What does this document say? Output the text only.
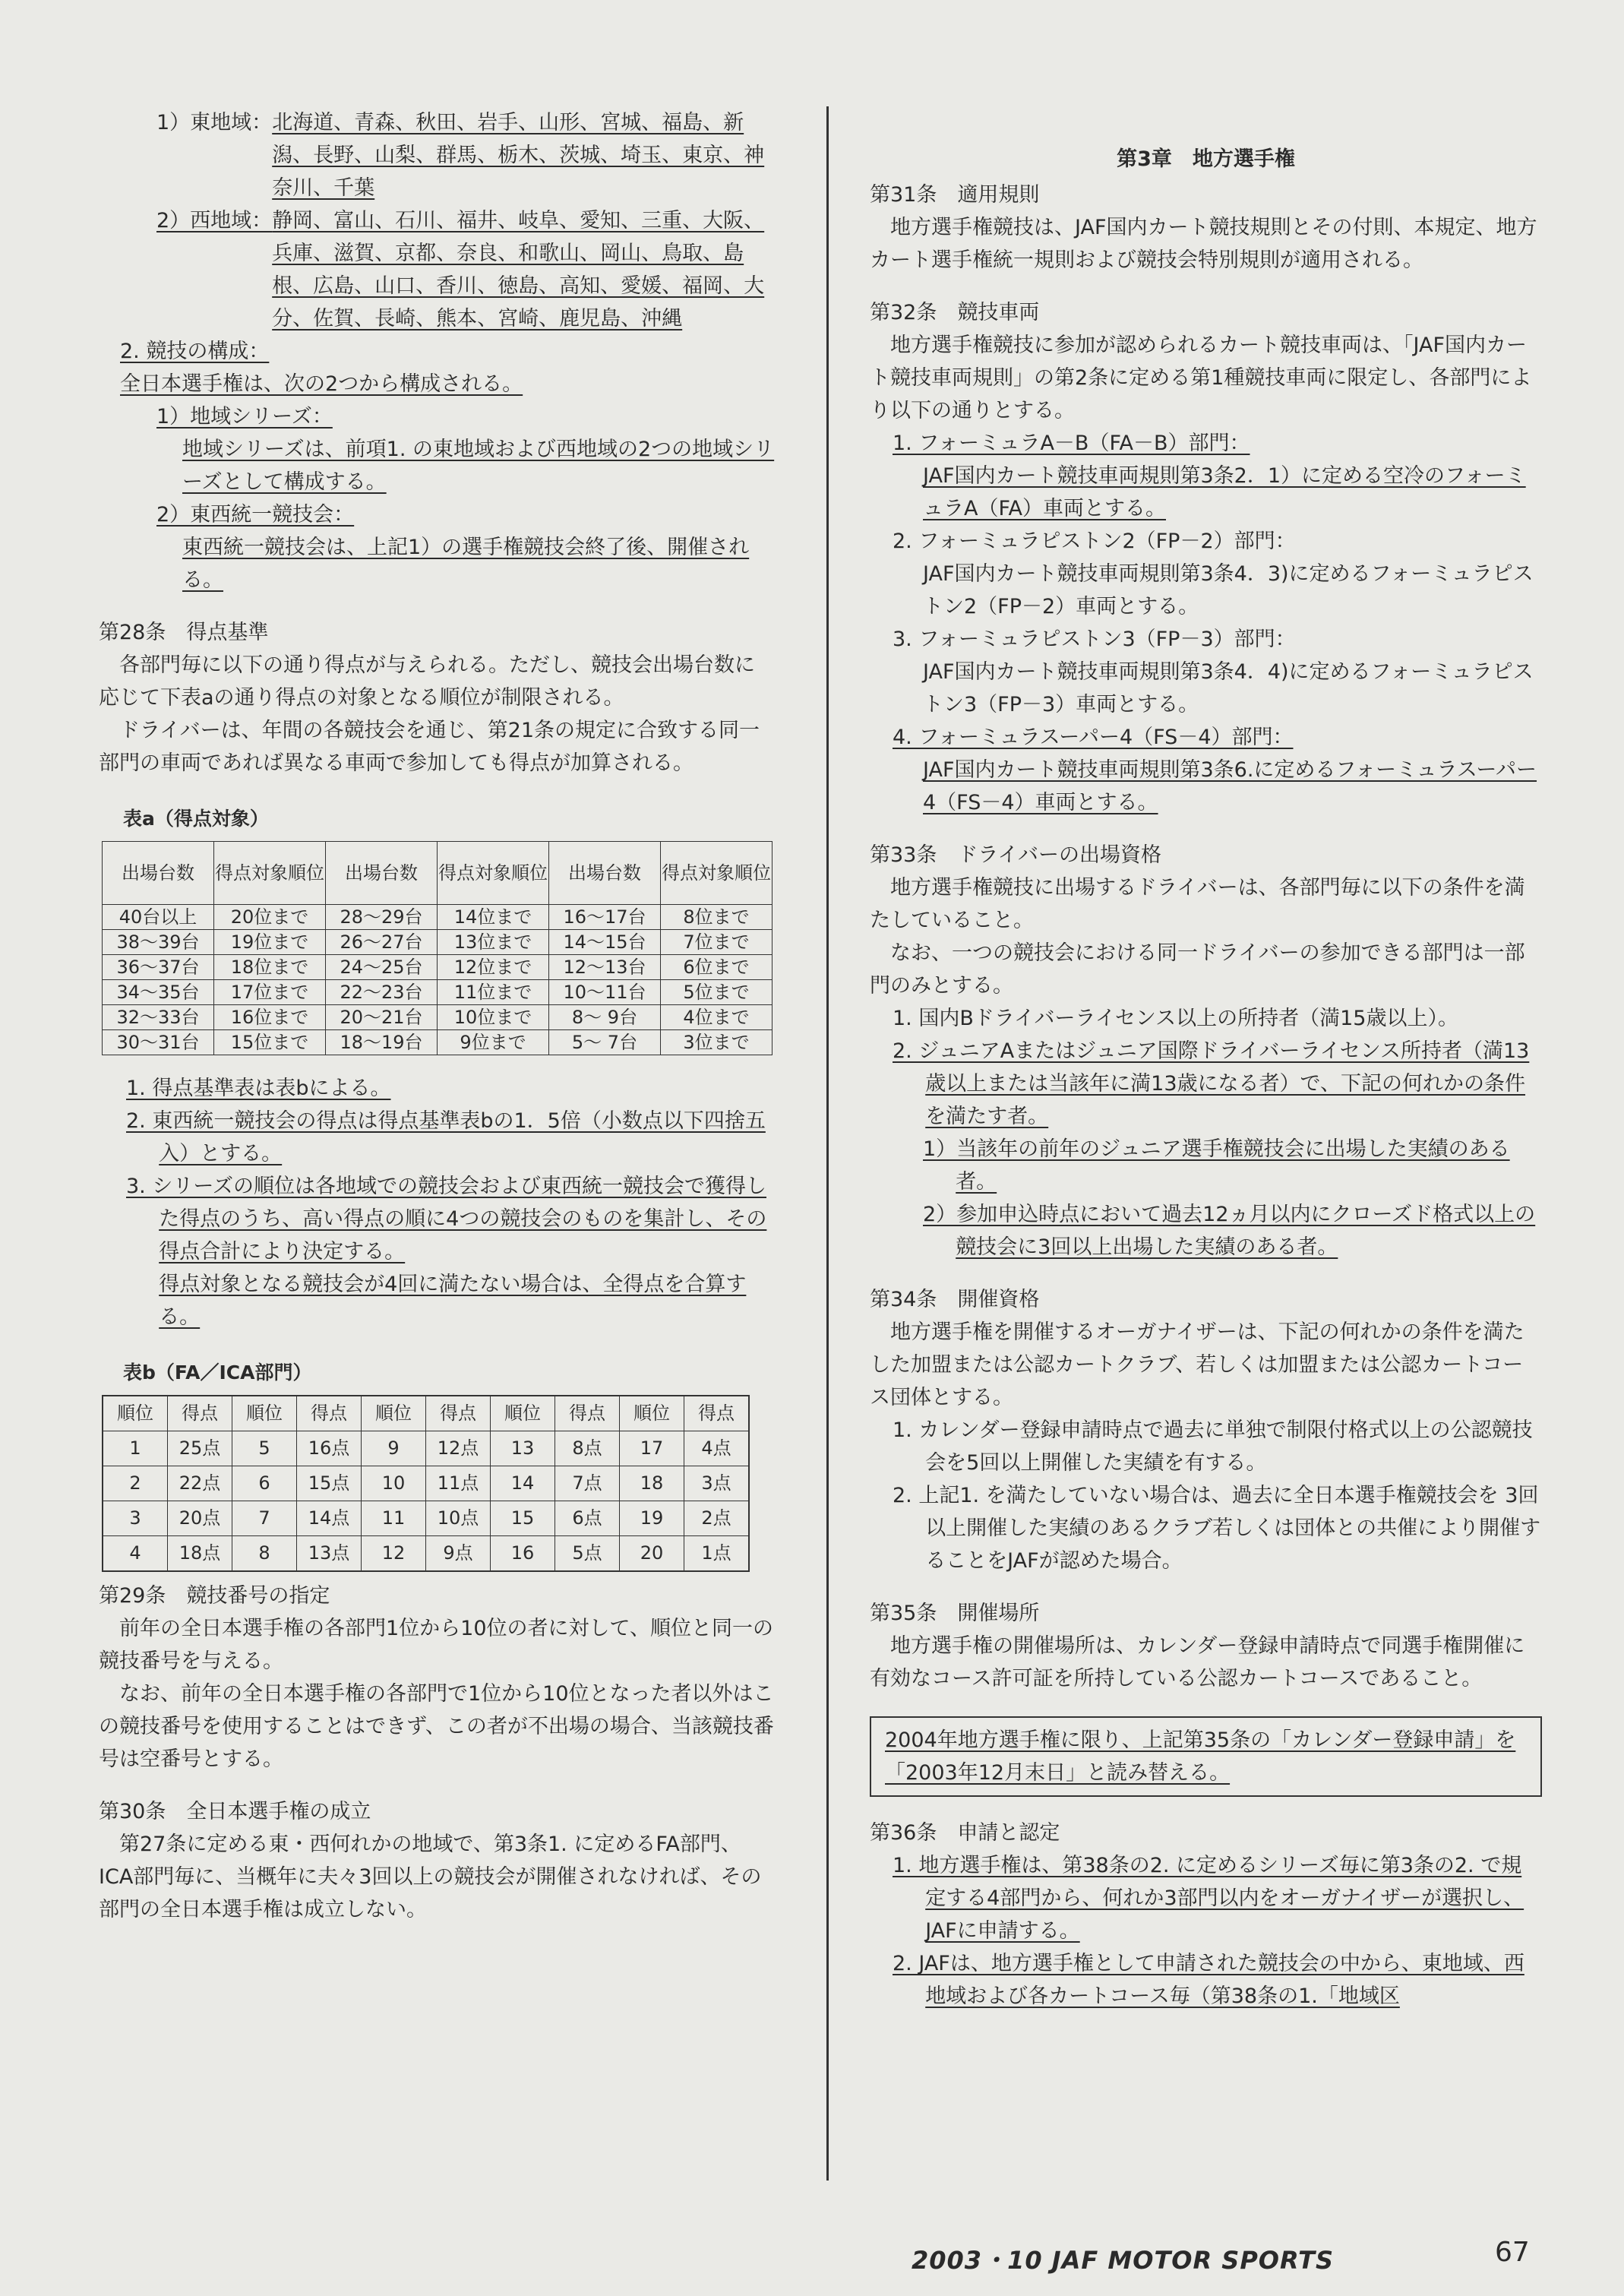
1）東地域： 北海道、青森、秋田、岩手、山形、宮城、福島、新潟、長野、山梨、群馬、栃木、茨城、埼玉、東京、神奈川、千葉
2）西地域： 静岡、富山、石川、福井、岐阜、愛知、三重、大阪、兵庫、滋賀、京都、奈良、和歌山、岡山、鳥取、島根、広島、山口、香川、徳島、高知、愛媛、福岡、大分、佐賀、長崎、熊本、宮崎、鹿児島、沖縄

2. 競技の構成：

全日本選手権は、次の2つから構成される。

1）地域シリーズ：

地域シリーズは、前項1. の東地域および西地域の2つの地域シリーズとして構成する。

2）東西統一競技会：

東西統一競技会は、上記1）の選手権競技会終了後、開催される。

第28条　得点基準

各部門毎に以下の通り得点が与えられる。ただし、競技会出場台数に応じて下表aの通り得点の対象となる順位が制限される。

ドライバーは、年間の各競技会を通じ、第21条の規定に合致する同一部門の車両であれば異なる車両で参加しても得点が加算される。

表a（得点対象）

出場台数	得点対象順位	出場台数	得点対象順位	出場台数	得点対象順位
40台以上	20位まで	28～29台	14位まで	16～17台	8位まで
38～39台	19位まで	26～27台	13位まで	14～15台	7位まで
36～37台	18位まで	24～25台	12位まで	12～13台	6位まで
34～35台	17位まで	22～23台	11位まで	10～11台	5位まで
32～33台	16位まで	20～21台	10位まで	8～ 9台	4位まで
30～31台	15位まで	18～19台	9位まで	5～ 7台	3位まで

1. 得点基準表は表bによる。

2. 東西統一競技会の得点は得点基準表bの1．5倍（小数点以下四捨五入）とする。

3. シリーズの順位は各地域での競技会および東西統一競技会で獲得した得点のうち、高い得点の順に4つの競技会のものを集計し、その得点合計により決定する。

得点対象となる競技会が4回に満たない場合は、全得点を合算する。

表b（FA／ICA部門）

順位	得点	順位	得点	順位	得点	順位	得点	順位	得点
1	25点	5	16点	9	12点	13	8点	17	4点
2	22点	6	15点	10	11点	14	7点	18	3点
3	20点	7	14点	11	10点	15	6点	19	2点
4	18点	8	13点	12	9点	16	5点	20	1点

第29条　競技番号の指定

前年の全日本選手権の各部門1位から10位の者に対して、順位と同一の競技番号を与える。

なお、前年の全日本選手権の各部門で1位から10位となった者以外はこの競技番号を使用することはできず、この者が不出場の場合、当該競技番号は空番号とする。

第30条　全日本選手権の成立

第27条に定める東・西何れかの地域で、第3条1. に定めるFA部門、ICA部門毎に、当概年に夫々3回以上の競技会が開催されなければ、その部門の全日本選手権は成立しない。

第3章　地方選手権

第31条　適用規則

地方選手権競技は、JAF国内カート競技規則とその付則、本規定、地方カート選手権統一規則および競技会特別規則が適用される。

第32条　競技車両

地方選手権競技に参加が認められるカート競技車両は、「JAF国内カート競技車両規則」の第2条に定める第1種競技車両に限定し、各部門により以下の通りとする。

1. フォーミュラA－B（FA－B）部門：

JAF国内カート競技車両規則第3条2．1）に定める空冷のフォーミュラA（FA）車両とする。

2. フォーミュラピストン2（FP－2）部門：

JAF国内カート競技車両規則第3条4．3)に定めるフォーミュラピストン2（FP－2）車両とする。

3. フォーミュラピストン3（FP－3）部門：

JAF国内カート競技車両規則第3条4．4)に定めるフォーミュラピストン3（FP－3）車両とする。

4. フォーミュラスーパー4（FS－4）部門：

JAF国内カート競技車両規則第3条6.に定めるフォーミュラスーパー4（FS－4）車両とする。

第33条　ドライバーの出場資格

地方選手権競技に出場するドライバーは、各部門毎に以下の条件を満たしていること。

なお、一つの競技会における同一ドライバーの参加できる部門は一部門のみとする。

1. 国内Bドライバーライセンス以上の所持者（満15歳以上）。

2. ジュニアAまたはジュニア国際ドライバーライセンス所持者（満13歳以上または当該年に満13歳になる者）で、下記の何れかの条件を満たす者。

1）当該年の前年のジュニア選手権競技会に出場した実績のある者。

2）参加申込時点において過去12ヵ月以内にクローズド格式以上の競技会に3回以上出場した実績のある者。

第34条　開催資格

地方選手権を開催するオーガナイザーは、下記の何れかの条件を満たした加盟または公認カートクラブ、若しくは加盟または公認カートコース団体とする。

1. カレンダー登録申請時点で過去に単独で制限付格式以上の公認競技会を5回以上開催した実績を有する。

2. 上記1. を満たしていない場合は、過去に全日本選手権競技会を 3回以上開催した実績のあるクラブ若しくは団体との共催により開催することをJAFが認めた場合。

第35条　開催場所

地方選手権の開催場所は、カレンダー登録申請時点で同選手権開催に有効なコース許可証を所持している公認カートコースであること。

2004年地方選手権に限り、上記第35条の「カレンダー登録申請」を「2003年12月末日」と読み替える。

第36条　申請と認定

1. 地方選手権は、第38条の2. に定めるシリーズ毎に第3条の2. で規定する4部門から、何れか3部門以内をオーガナイザーが選択し、JAFに申請する。

2. JAFは、地方選手権として申請された競技会の中から、東地域、西地域および各カートコース毎（第38条の1.「地域区

2003・10 JAF MOTOR SPORTS	67
